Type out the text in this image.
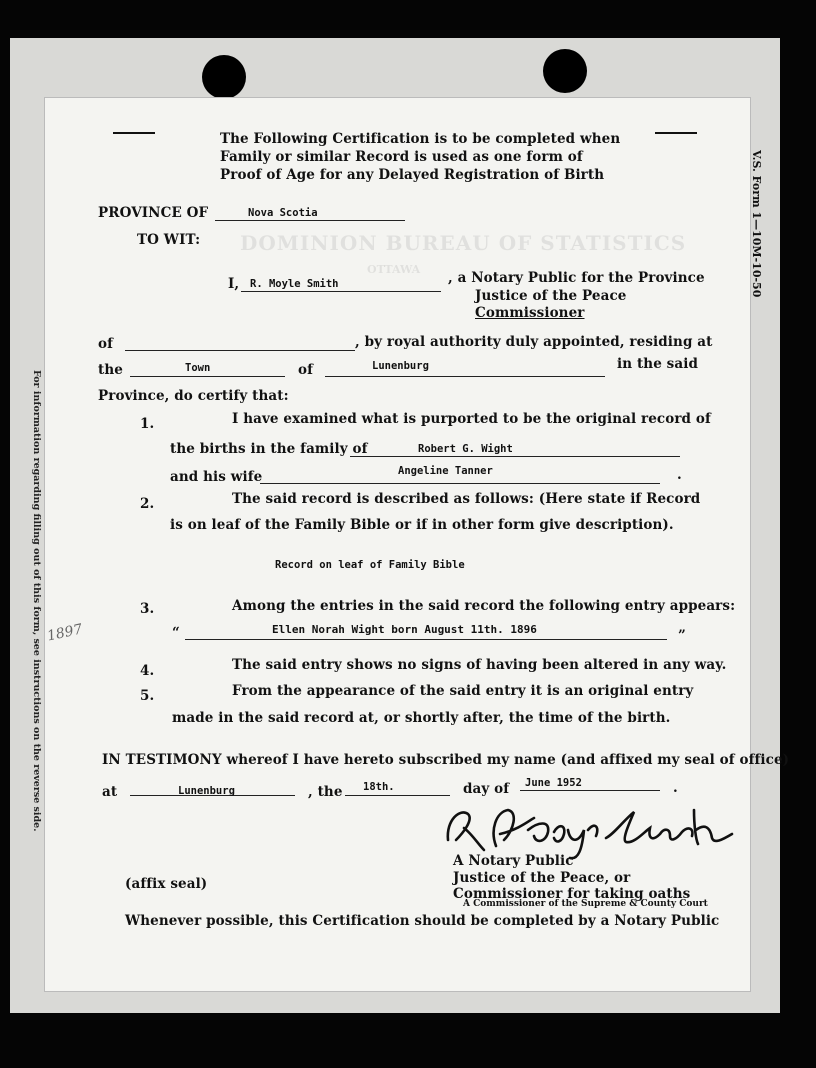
V.S. Form 1—10M-10-50
DOMINION BUREAU OF STATISTICS
OTTAWA
The Following Certification is to be completed when
Family or similar Record is used as one form of
Proof of Age for any Delayed Registration of Birth
PROVINCE OF	Nova Scotia
TO WIT:
I, R. Moyle Smith	, a Notary Public for the Province
Justice of the Peace
Commissioner
of	, by royal authority duly appointed, residing at
the	Town	of	Lunenburg	in the said
Province, do certify that:
1.	I have examined what is purported to be the original record of
the births in the family of	Robert G. Wight
and his wife	Angeline Tanner	.
2.	The said record is described as follows: (Here state if Record
is on leaf of the Family Bible or if in other form give description).
Record on leaf of Family Bible
3.	Among the entries in the said record the following entry appears:
“	Ellen Norah Wight born August 11th. 1896	”
1897
4.	The said entry shows no signs of having been altered in any way.
5.	From the appearance of the said entry it is an original entry
made in the said record at, or shortly after, the time of the birth.
IN TESTIMONY whereof I have hereto subscribed my name (and affixed my seal of office)
at	Lunenburg	, the 18th.	day of June 1952	.
A Notary Public
Justice of the Peace, or
Commissioner for taking oaths
A Commissioner of the Supreme & County Court
(affix seal)
Whenever possible, this Certification should be completed by a Notary Public
For information regarding filling out of this form, see instructions on the reverse side.
